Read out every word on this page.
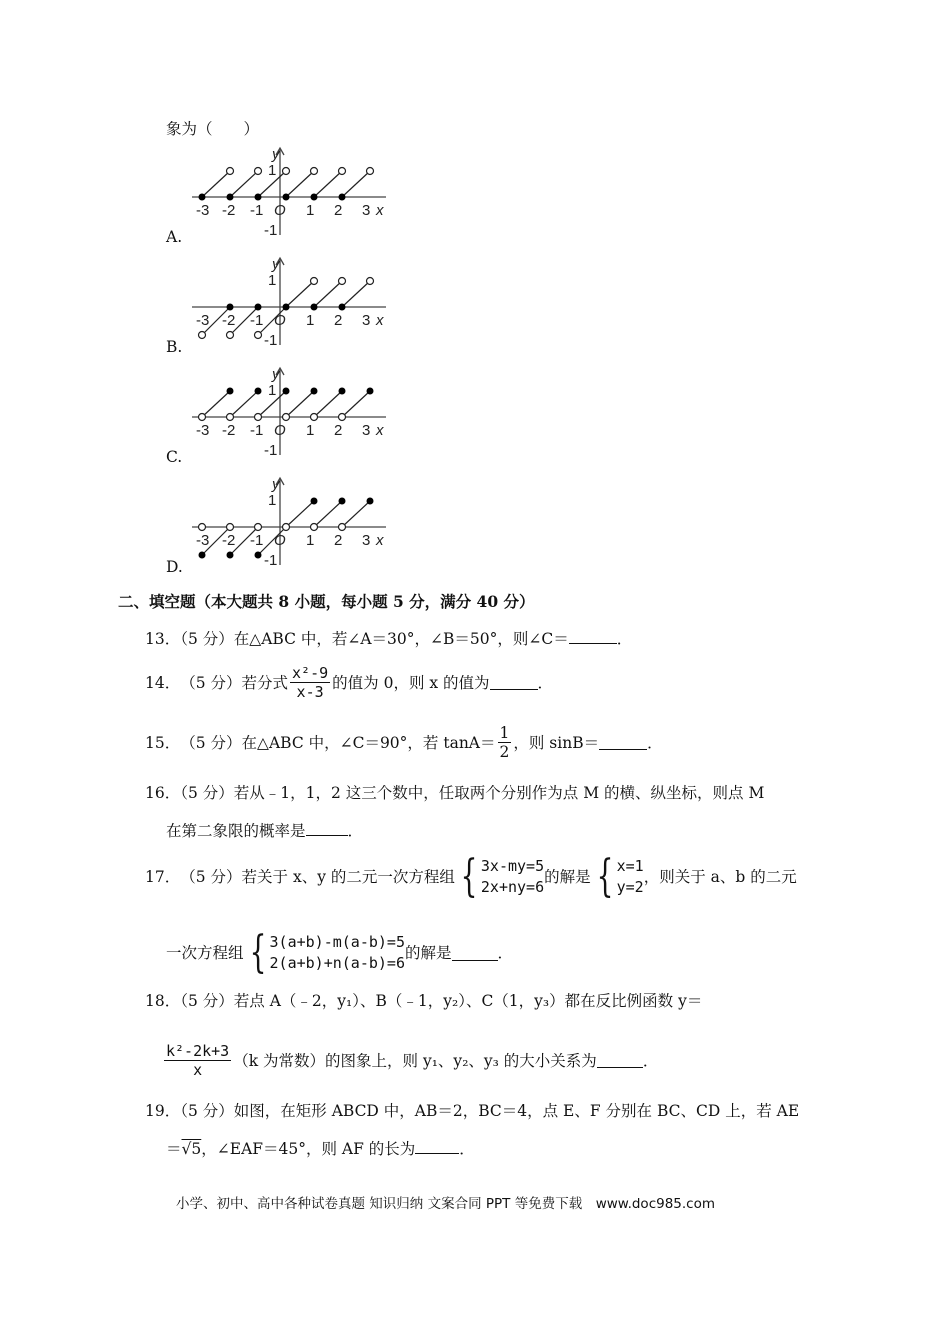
象为（　　）
y
1
-3 -2 -1 O 1 2 3 x
-1
A.
y
1
-3 -2 -1 O 1 2 3 x
-1
B.
y
1
-3 -2 -1 O 1 2 3 x
-1
C.
y
1
-3 -2 -1 O 1 2 3 x
-1
D.
二、填空题（本大题共 8 小题，每小题 5 分，满分 40 分）
13．（5 分）在△ABC 中，若∠A＝30°，∠B＝50°，则∠C＝	．
14． （5 分）若分式 $\frac{\text{x²-9}}{x-3}$ 的值为 0，则 x 的值为	．
15． （5 分）在△ABC 中，∠C＝90°，若 $\tan A= \frac{1}{2}$ ，则 sinB＝	．
16．（5 分）若从﹣1，1，2 这三个数中，任取两个分别作为点 M 的横、纵坐标，则点 M
在第二象限的概率是	．
17． （5 分）若关于 x、y 的二元一次方程组 { 3x-my=5
2x+ny=6
的解是 { x=1
y=2
，则关于 a、b 的二元
一次方程组 { 3(a+b)-m(a-b)=5
2(a+b)+n(a-b)=6
的解是	．
18．（5 分）若点 A（﹣2，y₁）、B（﹣1，y₂）、C（1，y₃）都在反比例函数 y＝
$\frac{\text{k²-2k+3}}{x} (k$ 为常数）的图象上，则 y₁、y₂、y₃ 的大小关系为	．
19．（5 分）如图，在矩形 ABCD 中，AB＝2，BC＝4，点 E、F 分别在 BC、CD 上，若 AE
＝√5，∠EAF＝45°，则 AF 的长为	．
小学、初中、高中各种试卷真题 知识归纳 文案合同 PPT 等免费下载　www.doc985.com
